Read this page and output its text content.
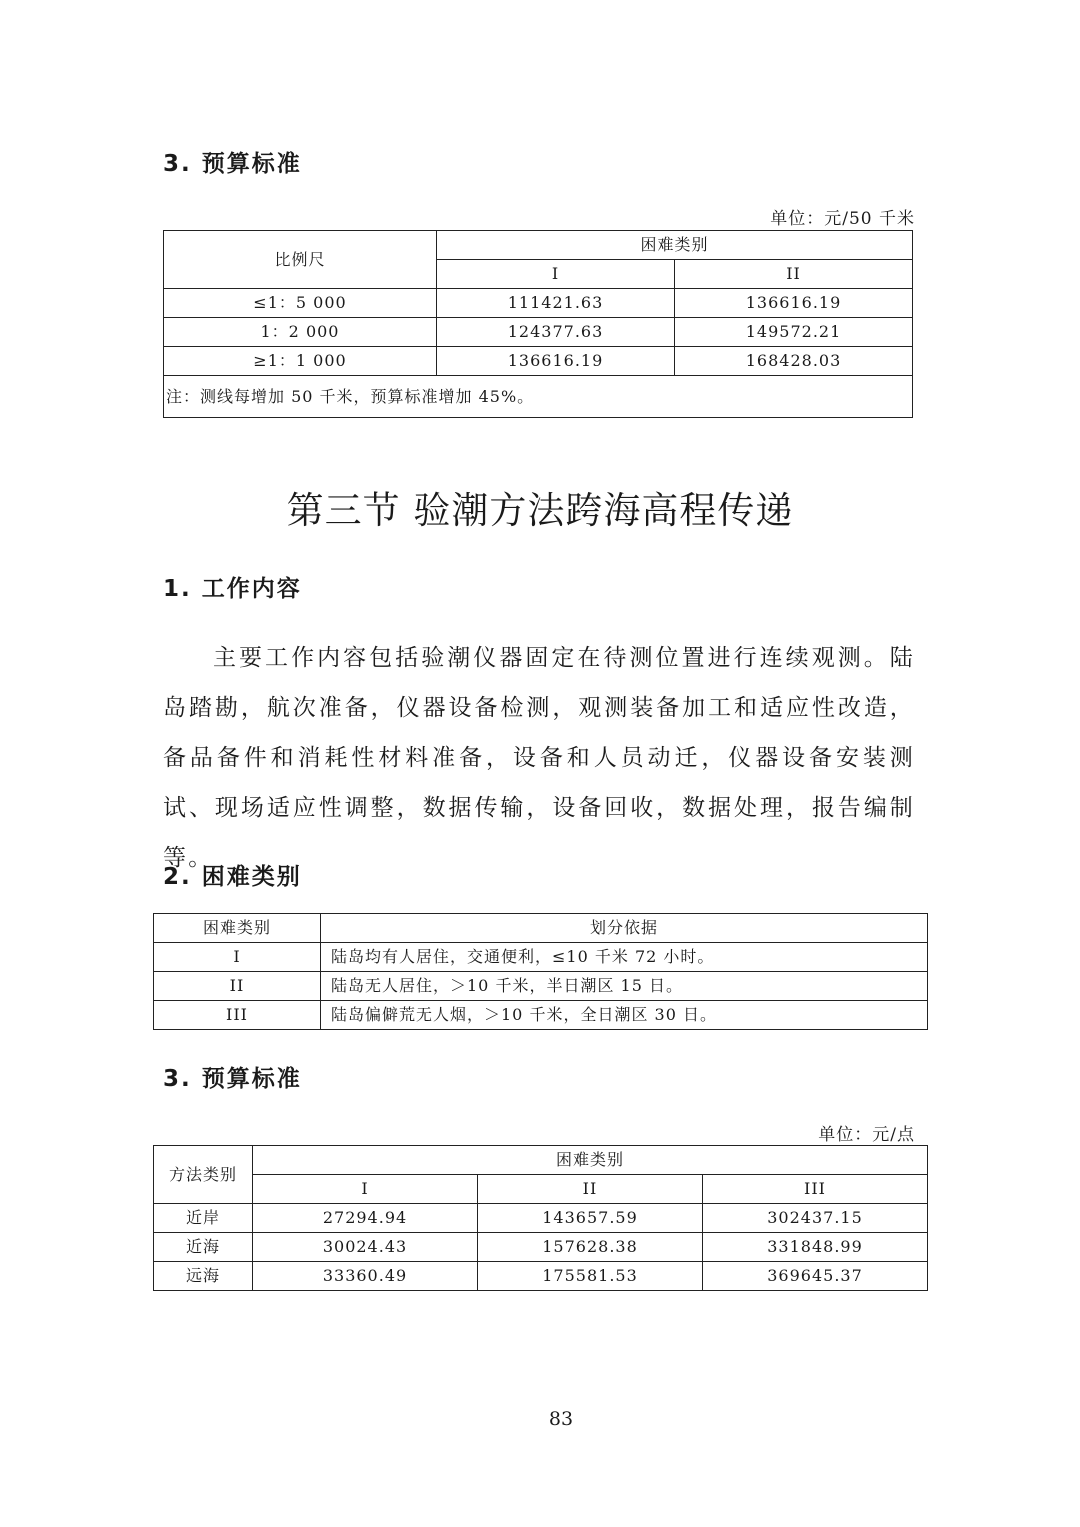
3. 预算标准
单位：元/50 千米
比例尺	困难类别	
	I	II
≤1：5 000	111421.63	136616.19
1：2 000	124377.63	149572.21
≥1：1 000	136616.19	168428.03
注：测线每增加 50 千米，预算标准增加 45%。		
第三节 验潮方法跨海高程传递
1. 工作内容

主要工作内容包括验潮仪器固定在待测位置进行连续观测。陆岛踏勘，航次准备，仪器设备检测，观测装备加工和适应性改造，备品备件和消耗性材料准备，设备和人员动迁，仪器设备安装测试、现场适应性调整，数据传输，设备回收，数据处理，报告编制等。

2. 困难类别
困难类别	划分依据
I	陆岛均有人居住，交通便利，≤10 千米 72 小时。
II	陆岛无人居住，＞10 千米，半日潮区 15 日。
III	陆岛偏僻荒无人烟，＞10 千米，全日潮区 30 日。
3. 预算标准
单位：元/点
方法类别	困难类别		
	I	II	III
近岸	27294.94	143657.59	302437.15
近海	30024.43	157628.38	331848.99
远海	33360.49	175581.53	369645.37
83
